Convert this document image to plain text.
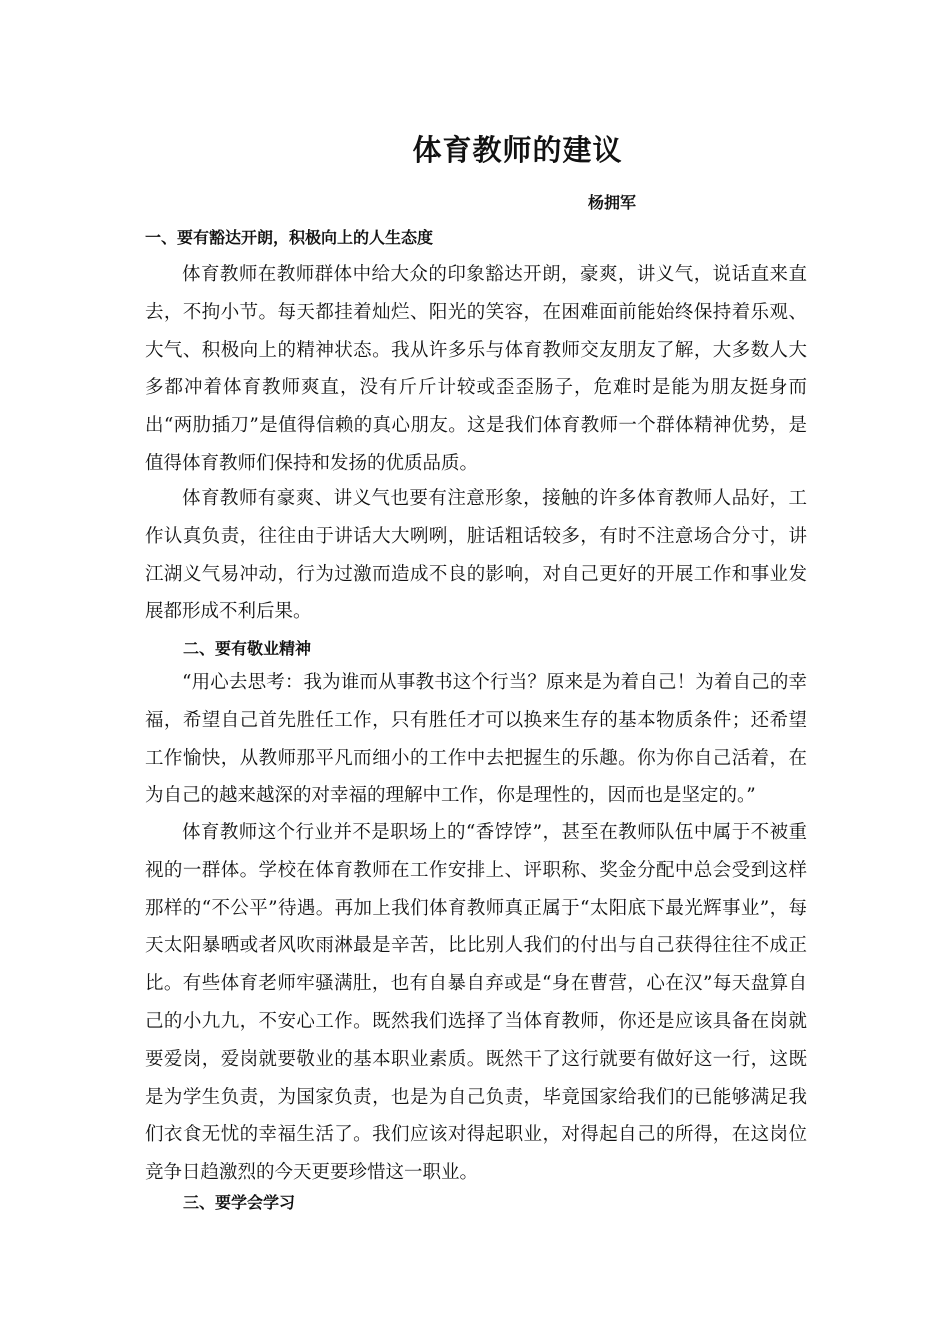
体育教师的建议
杨拥军
一、要有豁达开朗，积极向上的人生态度
体育教师在教师群体中给大众的印象豁达开朗，豪爽，讲义气，说话直来直去，不拘小节。每天都挂着灿烂、阳光的笑容，在困难面前能始终保持着乐观、大气、积极向上的精神状态。我从许多乐与体育教师交友朋友了解，大多数人大多都冲着体育教师爽直，没有斤斤计较或歪歪肠子，危难时是能为朋友挺身而出“两肋插刀”是值得信赖的真心朋友。这是我们体育教师一个群体精神优势，是值得体育教师们保持和发扬的优质品质。
体育教师有豪爽、讲义气也要有注意形象，接触的许多体育教师人品好，工作认真负责，往往由于讲话大大咧咧，脏话粗话较多，有时不注意场合分寸，讲江湖义气易冲动，行为过激而造成不良的影响，对自己更好的开展工作和事业发展都形成不利后果。
二、要有敬业精神
“用心去思考：我为谁而从事教书这个行当？原来是为着自己！为着自己的幸福，希望自己首先胜任工作，只有胜任才可以换来生存的基本物质条件；还希望工作愉快，从教师那平凡而细小的工作中去把握生的乐趣。你为你自己活着，在为自己的越来越深的对幸福的理解中工作，你是理性的，因而也是坚定的。”
体育教师这个行业并不是职场上的“香饽饽”，甚至在教师队伍中属于不被重视的一群体。学校在体育教师在工作安排上、评职称、奖金分配中总会受到这样那样的“不公平”待遇。再加上我们体育教师真正属于“太阳底下最光辉事业”，每天太阳暴晒或者风吹雨淋最是辛苦，比比别人我们的付出与自己获得往往不成正比。有些体育老师牢骚满肚，也有自暴自弃或是“身在曹营，心在汉”每天盘算自己的小九九，不安心工作。既然我们选择了当体育教师，你还是应该具备在岗就要爱岗，爱岗就要敬业的基本职业素质。既然干了这行就要有做好这一行，这既是为学生负责，为国家负责，也是为自己负责，毕竟国家给我们的已能够满足我们衣食无忧的幸福生活了。我们应该对得起职业，对得起自己的所得，在这岗位竞争日趋激烈的今天更要珍惜这一职业。
三、要学会学习
